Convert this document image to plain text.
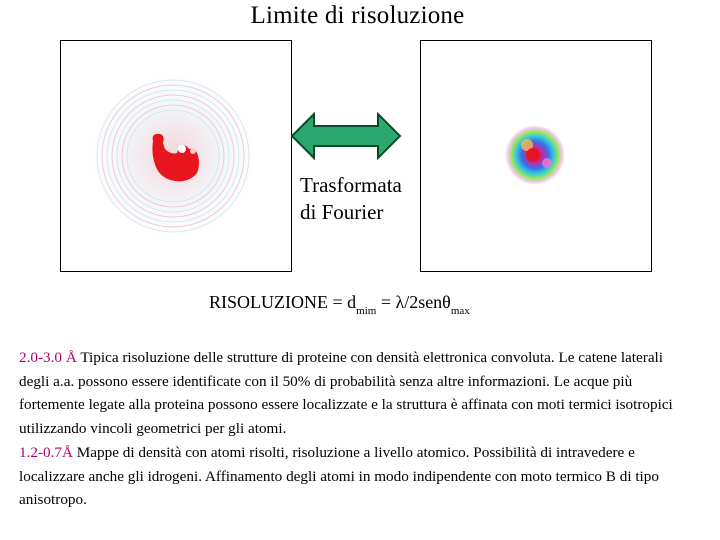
Limite di risoluzione
Trasformata
di Fourier
RISOLUZIONE = $d_{mim} = \lambda/2sen\theta_{max}$
2.0-3.0 Å Tipica risoluzione delle strutture di proteine con densità elettronica convoluta. Le catene laterali degli a.a. possono essere identificate con il 50% di probabilità senza altre informazioni. Le acque più fortemente legate alla proteina possono essere localizzate e la struttura è affinata con moti termici isotropici utilizzando vincoli geometrici per gli atomi.
1.2-0.7Å Mappe di densità con atomi risolti, risoluzione a livello atomico. Possibilità di intravedere e localizzare anche gli idrogeni. Affinamento degli atomi in modo indipendente con moto termico B di tipo anisotropo.
